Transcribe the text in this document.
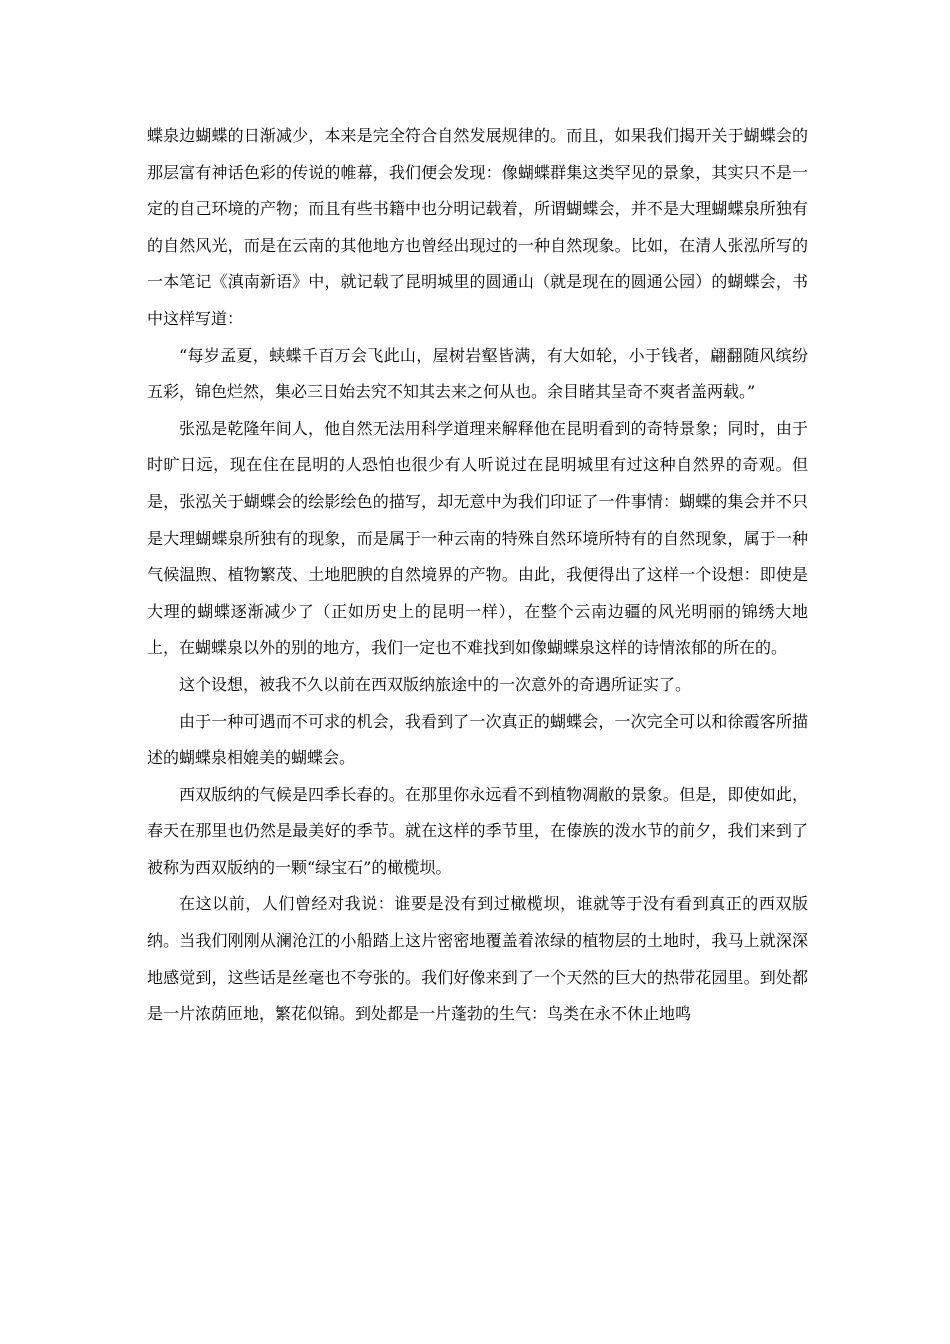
蝶泉边蝴蝶的日渐减少，本来是完全符合自然发展规律的。而且，如果我们揭开关于蝴蝶会的那层富有神话色彩的传说的帷幕，我们便会发现：像蝴蝶群集这类罕见的景象，其实只不是一定的自己环境的产物；而且有些书籍中也分明记载着，所谓蝴蝶会，并不是大理蝴蝶泉所独有的自然风光，而是在云南的其他地方也曾经出现过的一种自然现象。比如，在清人张泓所写的一本笔记《滇南新语》中，就记载了昆明城里的圆通山（就是现在的圆通公园）的蝴蝶会，书中这样写道：

“每岁孟夏，蛱蝶千百万会飞此山，屋树岩壑皆满，有大如轮，小于钱者，翩翻随风缤纷五彩，锦色烂然，集必三日始去究不知其去来之何从也。余目睹其呈奇不爽者盖两载。”

张泓是乾隆年间人，他自然无法用科学道理来解释他在昆明看到的奇特景象；同时，由于时旷日远，现在住在昆明的人恐怕也很少有人听说过在昆明城里有过这种自然界的奇观。但是，张泓关于蝴蝶会的绘影绘色的描写，却无意中为我们印证了一件事情：蝴蝶的集会并不只是大理蝴蝶泉所独有的现象，而是属于一种云南的特殊自然环境所特有的自然现象，属于一种气候温煦、植物繁茂、土地肥腴的自然境界的产物。由此，我便得出了这样一个设想：即使是大理的蝴蝶逐渐减少了（正如历史上的昆明一样），在整个云南边疆的风光明丽的锦绣大地上，在蝴蝶泉以外的别的地方，我们一定也不难找到如像蝴蝶泉这样的诗情浓郁的所在的。

这个设想，被我不久以前在西双版纳旅途中的一次意外的奇遇所证实了。

由于一种可遇而不可求的机会，我看到了一次真正的蝴蝶会，一次完全可以和徐霞客所描述的蝴蝶泉相媲美的蝴蝶会。

西双版纳的气候是四季长春的。在那里你永远看不到植物凋敝的景象。但是，即使如此，春天在那里也仍然是最美好的季节。就在这样的季节里，在傣族的泼水节的前夕，我们来到了被称为西双版纳的一颗“绿宝石”的橄榄坝。

在这以前，人们曾经对我说：谁要是没有到过橄榄坝，谁就等于没有看到真正的西双版纳。当我们刚刚从澜沧江的小船踏上这片密密地覆盖着浓绿的植物层的土地时，我马上就深深地感觉到，这些话是丝毫也不夸张的。我们好像来到了一个天然的巨大的热带花园里。到处都是一片浓荫匝地，繁花似锦。到处都是一片蓬勃的生气：鸟类在永不休止地鸣
